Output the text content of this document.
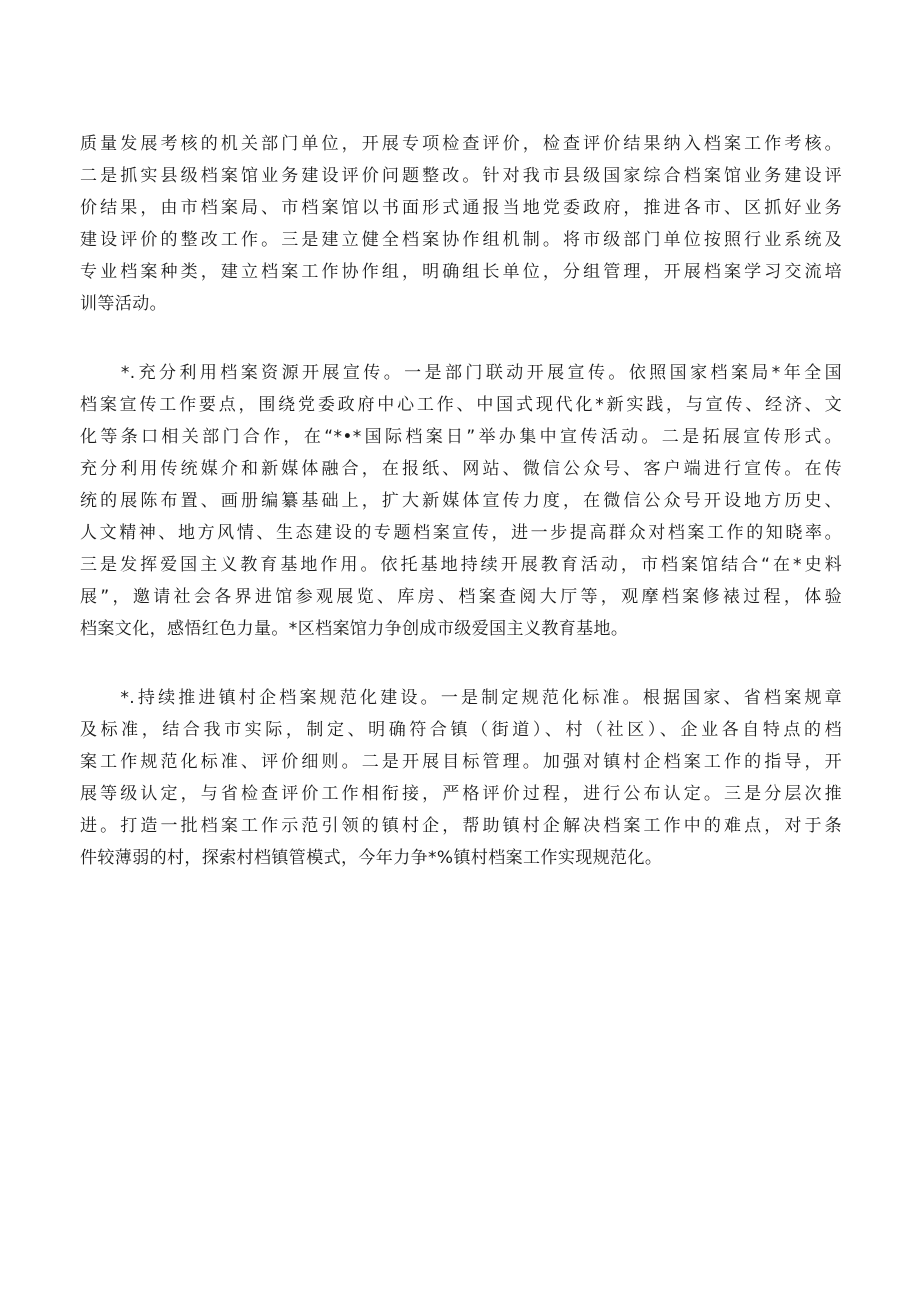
质量发展考核的机关部门单位，开展专项检查评价，检查评价结果纳入档案工作考核。
二是抓实县级档案馆业务建设评价问题整改。针对我市县级国家综合档案馆业务建设评
价结果，由市档案局、市档案馆以书面形式通报当地党委政府，推进各市、区抓好业务
建设评价的整改工作。三是建立健全档案协作组机制。将市级部门单位按照行业系统及
专业档案种类，建立档案工作协作组，明确组长单位，分组管理，开展档案学习交流培
训等活动。
　　*.充分利用档案资源开展宣传。一是部门联动开展宣传。依照国家档案局*年全国
档案宣传工作要点，围绕党委政府中心工作、中国式现代化*新实践，与宣传、经济、文
化等条口相关部门合作，在“*•*国际档案日”举办集中宣传活动。二是拓展宣传形式。
充分利用传统媒介和新媒体融合，在报纸、网站、微信公众号、客户端进行宣传。在传
统的展陈布置、画册编纂基础上，扩大新媒体宣传力度，在微信公众号开设地方历史、
人文精神、地方风情、生态建设的专题档案宣传，进一步提高群众对档案工作的知晓率。
三是发挥爱国主义教育基地作用。依托基地持续开展教育活动，市档案馆结合“在*史料
展”，邀请社会各界进馆参观展览、库房、档案查阅大厅等，观摩档案修裱过程，体验
档案文化，感悟红色力量。*区档案馆力争创成市级爱国主义教育基地。
　　*.持续推进镇村企档案规范化建设。一是制定规范化标准。根据国家、省档案规章
及标准，结合我市实际，制定、明确符合镇（街道）、村（社区）、企业各自特点的档
案工作规范化标准、评价细则。二是开展目标管理。加强对镇村企档案工作的指导，开
展等级认定，与省检查评价工作相衔接，严格评价过程，进行公布认定。三是分层次推
进。打造一批档案工作示范引领的镇村企，帮助镇村企解决档案工作中的难点，对于条
件较薄弱的村，探索村档镇管模式，今年力争*%镇村档案工作实现规范化。
